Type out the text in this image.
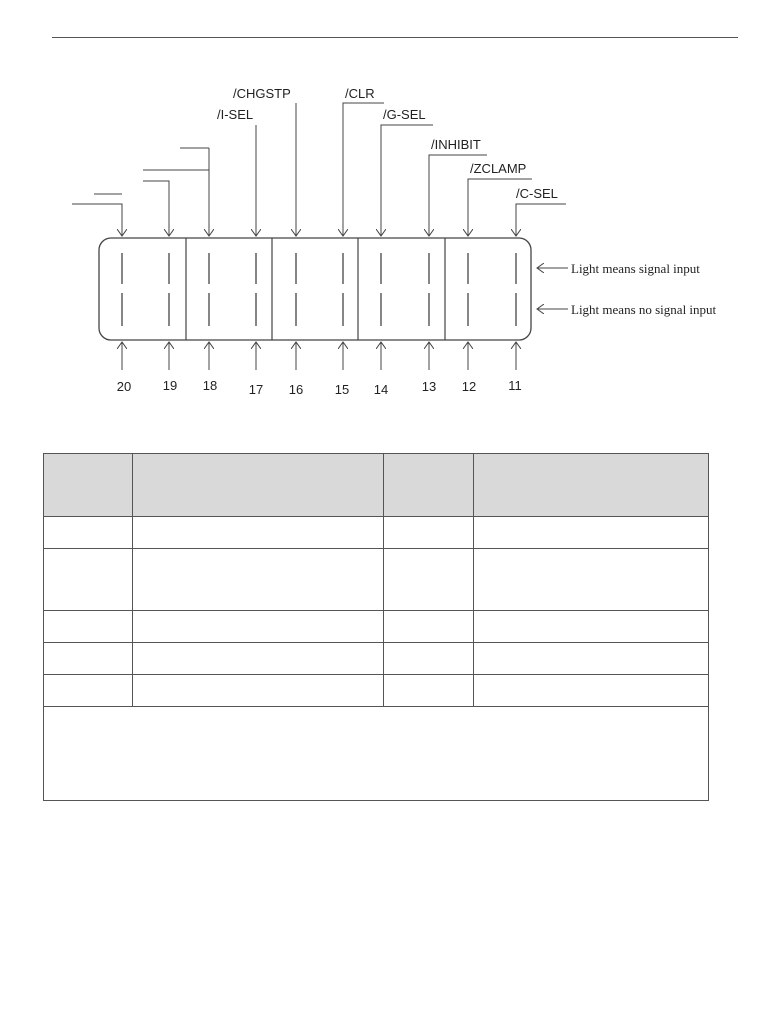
20 19 18 17 16 15 14	13 12 11
/I-SEL
/CHGSTP	/CLR
/G-SEL
/INHIBIT
/ZCLAMP
/C-SEL
Light means signal input
Light means no signal input
